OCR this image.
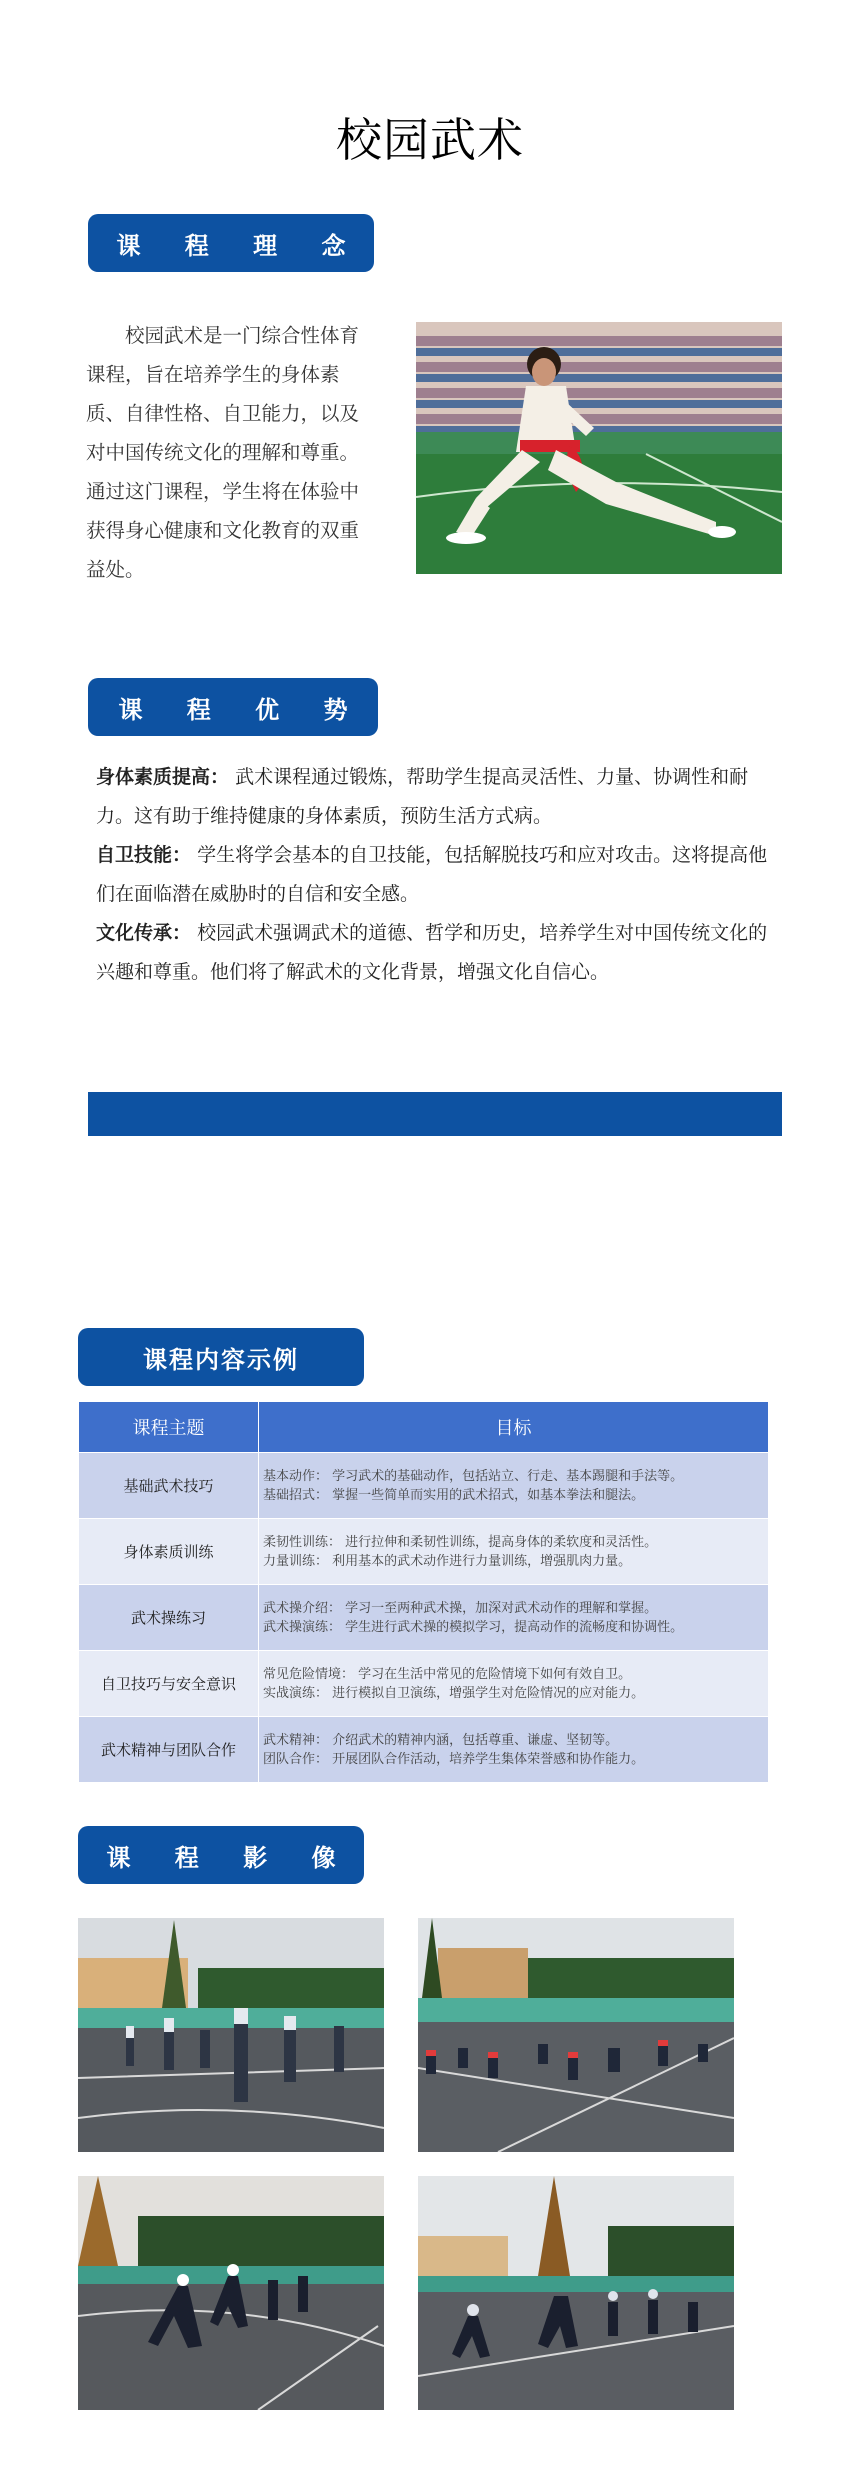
校园武术
课 程 理 念
校园武术是一门综合性体育课程，旨在培养学生的身体素质、自律性格、自卫能力，以及对中国传统文化的理解和尊重。通过这门课程，学生将在体验中获得身心健康和文化教育的双重益处。
课 程 优 势

身体素质提高： 武术课程通过锻炼，帮助学生提高灵活性、力量、协调性和耐力。这有助于维持健康的身体素质，预防生活方式病。

自卫技能： 学生将学会基本的自卫技能，包括解脱技巧和应对攻击。这将提高他们在面临潜在威胁时的自信和安全感。

文化传承： 校园武术强调武术的道德、哲学和历史，培养学生对中国传统文化的兴趣和尊重。他们将了解武术的文化背景，增强文化自信心。

课程内容示例
课程主题	目标
基础武术技巧	基本动作： 学习武术的基础动作，包括站立、行走、基本踢腿和手法等。
基础招式： 掌握一些简单而实用的武术招式，如基本拳法和腿法。

身体素质训练	柔韧性训练： 进行拉伸和柔韧性训练，提高身体的柔软度和灵活性。
力量训练： 利用基本的武术动作进行力量训练，增强肌肉力量。

武术操练习	武术操介绍： 学习一至两种武术操，加深对武术动作的理解和掌握。
武术操演练： 学生进行武术操的模拟学习，提高动作的流畅度和协调性。

自卫技巧与安全意识	常见危险情境： 学习在生活中常见的危险情境下如何有效自卫。
实战演练： 进行模拟自卫演练，增强学生对危险情况的应对能力。

武术精神与团队合作	武术精神： 介绍武术的精神内涵，包括尊重、谦虚、坚韧等。
团队合作： 开展团队合作活动，培养学生集体荣誉感和协作能力。
课 程 影 像
